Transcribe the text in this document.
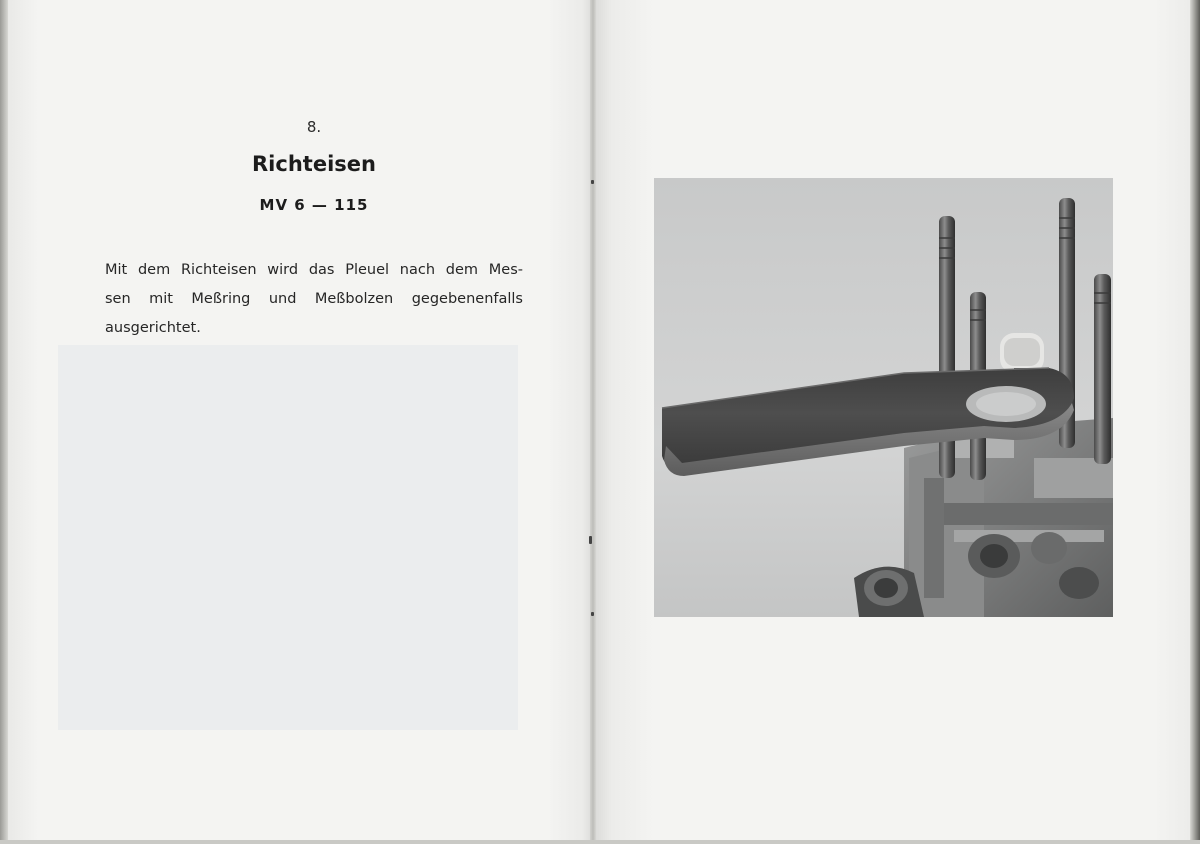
8.
Richteisen
MV 6 — 115
Mit dem Richteisen wird das Pleuel nach dem Mes-
sen mit Meßring und Meßbolzen gegebenenfalls
ausgerichtet.
